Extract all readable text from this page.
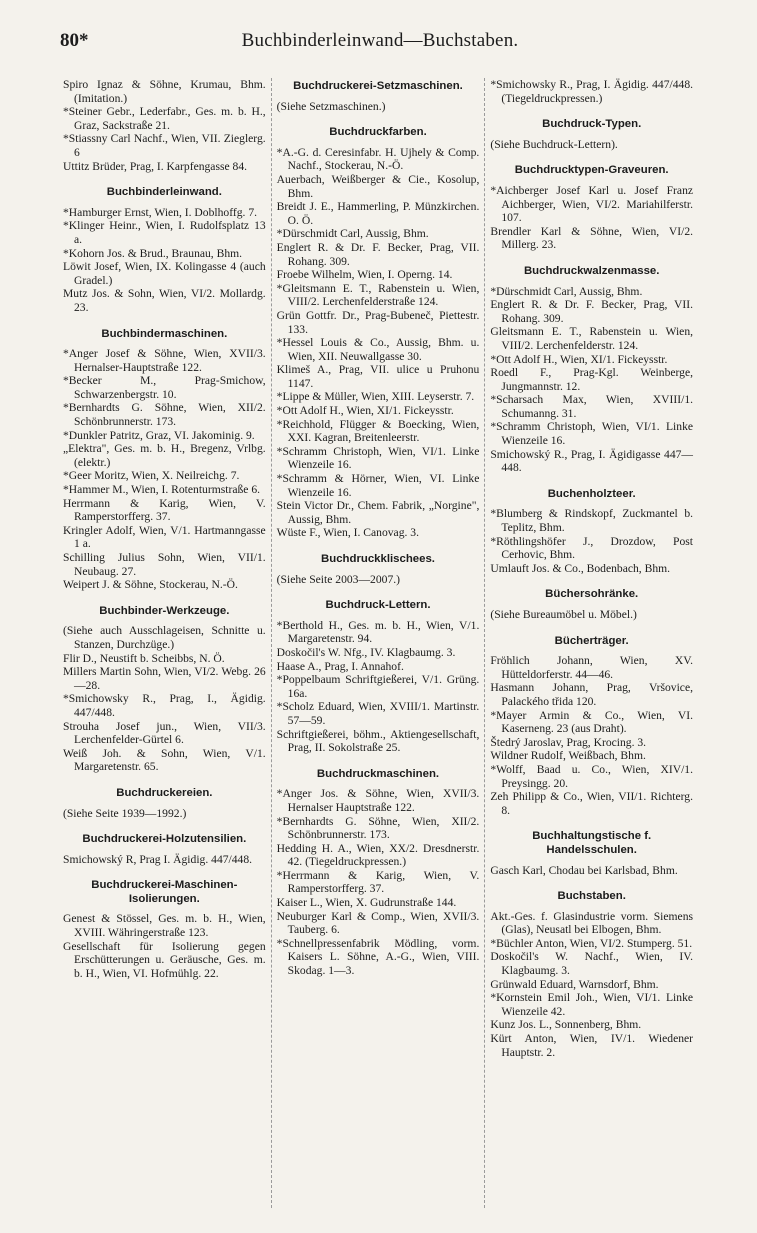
80*	Buchbinderleinwand—Buchstaben.
Spiro Ignaz & Söhne, Krumau, Bhm. (Imitation.)
*Steiner Gebr., Lederfabr., Ges. m. b. H., Graz, Sackstraße 21.
*Stiassny Carl Nachf., Wien, VII. Zieglerg. 6
Uttitz Brüder, Prag, I. Karpfengasse 84.
Buchbinderleinwand.
*Hamburger Ernst, Wien, I. Doblhoffg. 7.
*Klinger Heinr., Wien, I. Rudolfsplatz 13 a.
*Kohorn Jos. & Brud., Braunau, Bhm.
Löwit Josef, Wien, IX. Kolingasse 4 (auch Gradel.)
Mutz Jos. & Sohn, Wien, VI/2. Mollardg. 23.
Buchbindermaschinen.
*Anger Josef & Söhne, Wien, XVII/3. Hernalser-Hauptstraße 122.
*Becker M., Prag-Smichow, Schwarzenbergstr. 10.
*Bernhardts G. Söhne, Wien, XII/2. Schönbrunnerstr. 173.
*Dunkler Patritz, Graz, VI. Jakominig. 9.
„Elektra", Ges. m. b. H., Bregenz, Vrlbg. (elektr.)
*Geer Moritz, Wien, X. Neilreichg. 7.
*Hammer M., Wien, I. Rotenturmstraße 6.
Herrmann & Karig, Wien, V. Ramperstorfferg. 37.
Kringler Adolf, Wien, V/1. Hartmanngasse 1 a.
Schilling Julius Sohn, Wien, VII/1. Neubaug. 27.
Weipert J. & Söhne, Stockerau, N.-Ö.
Buchbinder-Werkzeuge.
(Siehe auch Ausschlageisen, Schnitte u. Stanzen, Durchzüge.)
Flir D., Neustift b. Scheibbs, N. Ö.
Millers Martin Sohn, Wien, VI/2. Webg. 26—28.
*Smichowsky R., Prag, I., Ägidig. 447/448.
Strouha Josef jun., Wien, VII/3. Lerchenfelder-Gürtel 6.
Weiß Joh. & Sohn, Wien, V/1. Margaretenstr. 65.
Buchdruckereien.
(Siehe Seite 1939—1992.)
Buchdruckerei-Holzutensilien.
Smichowský R, Prag I. Ägidig. 447/448.
Buchdruckerei-Maschinen-Isolierungen.
Genest & Stössel, Ges. m. b. H., Wien, XVIII. Währingerstraße 123.
Gesellschaft für Isolierung gegen Erschütterungen u. Geräusche, Ges. m. b. H., Wien, VI. Hofmühlg. 22.
Buchdruckerei-Setzmaschinen.
(Siehe Setzmaschinen.)
Buchdruckfarben.
*A.-G. d. Ceresinfabr. H. Ujhely & Comp. Nachf., Stockerau, N.-Ö.
Auerbach, Weißberger & Cie., Kosolup, Bhm.
Breidt J. E., Hammerling, P. Münzkirchen. O. Ö.
*Dürschmidt Carl, Aussig, Bhm.
Englert R. & Dr. F. Becker, Prag, VII. Rohang. 309.
Froebe Wilhelm, Wien, I. Operng. 14.
*Gleitsmann E. T., Rabenstein u. Wien, VIII/2. Lerchenfelderstraße 124.
Grün Gottfr. Dr., Prag-Bubeneč, Piettestr. 133.
*Hessel Louis & Co., Aussig, Bhm. u. Wien, XII. Neuwallgasse 30.
Klimeš A., Prag, VII. ulice u Pruhonu 1147.
*Lippe & Müller, Wien, XIII. Leyserstr. 7.
*Ott Adolf H., Wien, XI/1. Fickeysstr.
*Reichhold, Flügger & Boecking, Wien, XXI. Kagran, Breitenleerstr.
*Schramm Christoph, Wien, VI/1. Linke Wienzeile 16.
*Schramm & Hörner, Wien, VI. Linke Wienzeile 16.
Stein Victor Dr., Chem. Fabrik, „Norgine", Aussig, Bhm.
Wüste F., Wien, I. Canovag. 3.
Buchdruckklischees.
(Siehe Seite 2003—2007.)
Buchdruck-Lettern.
*Berthold H., Ges. m. b. H., Wien, V/1. Margaretenstr. 94.
Doskočil's W. Nfg., IV. Klagbaumg. 3.
Haase A., Prag, I. Annahof.
*Poppelbaum Schriftgießerei, V/1. Grüng. 16a.
*Scholz Eduard, Wien, XVIII/1. Martinstr. 57—59.
Schriftgießerei, böhm., Aktiengesellschaft, Prag, II. Sokolstraße 25.
Buchdruckmaschinen.
*Anger Jos. & Söhne, Wien, XVII/3. Hernalser Hauptstraße 122.
*Bernhardts G. Söhne, Wien, XII/2. Schönbrunnerstr. 173.
Hedding H. A., Wien, XX/2. Dresdnerstr. 42. (Tiegeldruckpressen.)
*Herrmann & Karig, Wien, V. Ramperstorfferg. 37.
Kaiser L., Wien, X. Gudrunstraße 144.
Neuburger Karl & Comp., Wien, XVII/3. Tauberg. 6.
*Schnellpressenfabrik Mödling, vorm. Kaisers L. Söhne, A.-G., Wien, VIII. Skodag. 1—3.
*Smichowsky R., Prag, I. Ägidig. 447/448. (Tiegeldruckpressen.)
Buchdruck-Typen.
(Siehe Buchdruck-Lettern).
Buchdrucktypen-Graveuren.
*Aichberger Josef Karl u. Josef Franz Aichberger, Wien, VI/2. Mariahilferstr. 107.
Brendler Karl & Söhne, Wien, VI/2. Millerg. 23.
Buchdruckwalzenmasse.
*Dürschmidt Carl, Aussig, Bhm.
Englert R. & Dr. F. Becker, Prag, VII. Rohang. 309.
Gleitsmann E. T., Rabenstein u. Wien, VIII/2. Lerchenfelderstr. 124.
*Ott Adolf H., Wien, XI/1. Fickeysstr.
Roedl F., Prag-Kgl. Weinberge, Jungmannstr. 12.
*Scharsach Max, Wien, XVIII/1. Schumanng. 31.
*Schramm Christoph, Wien, VI/1. Linke Wienzeile 16.
Smichowský R., Prag, I. Ägidigasse 447—448.
Buchenholzteer.
*Blumberg & Rindskopf, Zuckmantel b. Teplitz, Bhm.
*Röthlingshöfer J., Drozdow, Post Cerhovic, Bhm.
Umlauft Jos. & Co., Bodenbach, Bhm.
Büchersohränke.
(Siehe Bureaumöbel u. Möbel.)
Bücherträger.
Fröhlich Johann, Wien, XV. Hütteldorferstr. 44—46.
Hasmann Johann, Prag, Vršovice, Palackého třida 120.
*Mayer Armin & Co., Wien, VI. Kaserneng. 23 (aus Draht).
Štedrý Jaroslav, Prag, Krocing. 3.
Wildner Rudolf, Weißbach, Bhm.
*Wolff, Baad u. Co., Wien, XIV/1. Preysingg. 20.
Zeh Philipp & Co., Wien, VII/1. Richterg. 8.
Buchhaltungstische f. Handelsschulen.
Gasch Karl, Chodau bei Karlsbad, Bhm.
Buchstaben.
Akt.-Ges. f. Glasindustrie vorm. Siemens (Glas), Neusatl bei Elbogen, Bhm.
*Büchler Anton, Wien, VI/2. Stumperg. 51.
Doskočil's W. Nachf., Wien, IV. Klagbaumg. 3.
Grünwald Eduard, Warnsdorf, Bhm.
*Kornstein Emil Joh., Wien, VI/1. Linke Wienzeile 42.
Kunz Jos. L., Sonnenberg, Bhm.
Kürt Anton, Wien, IV/1. Wiedener Hauptstr. 2.
